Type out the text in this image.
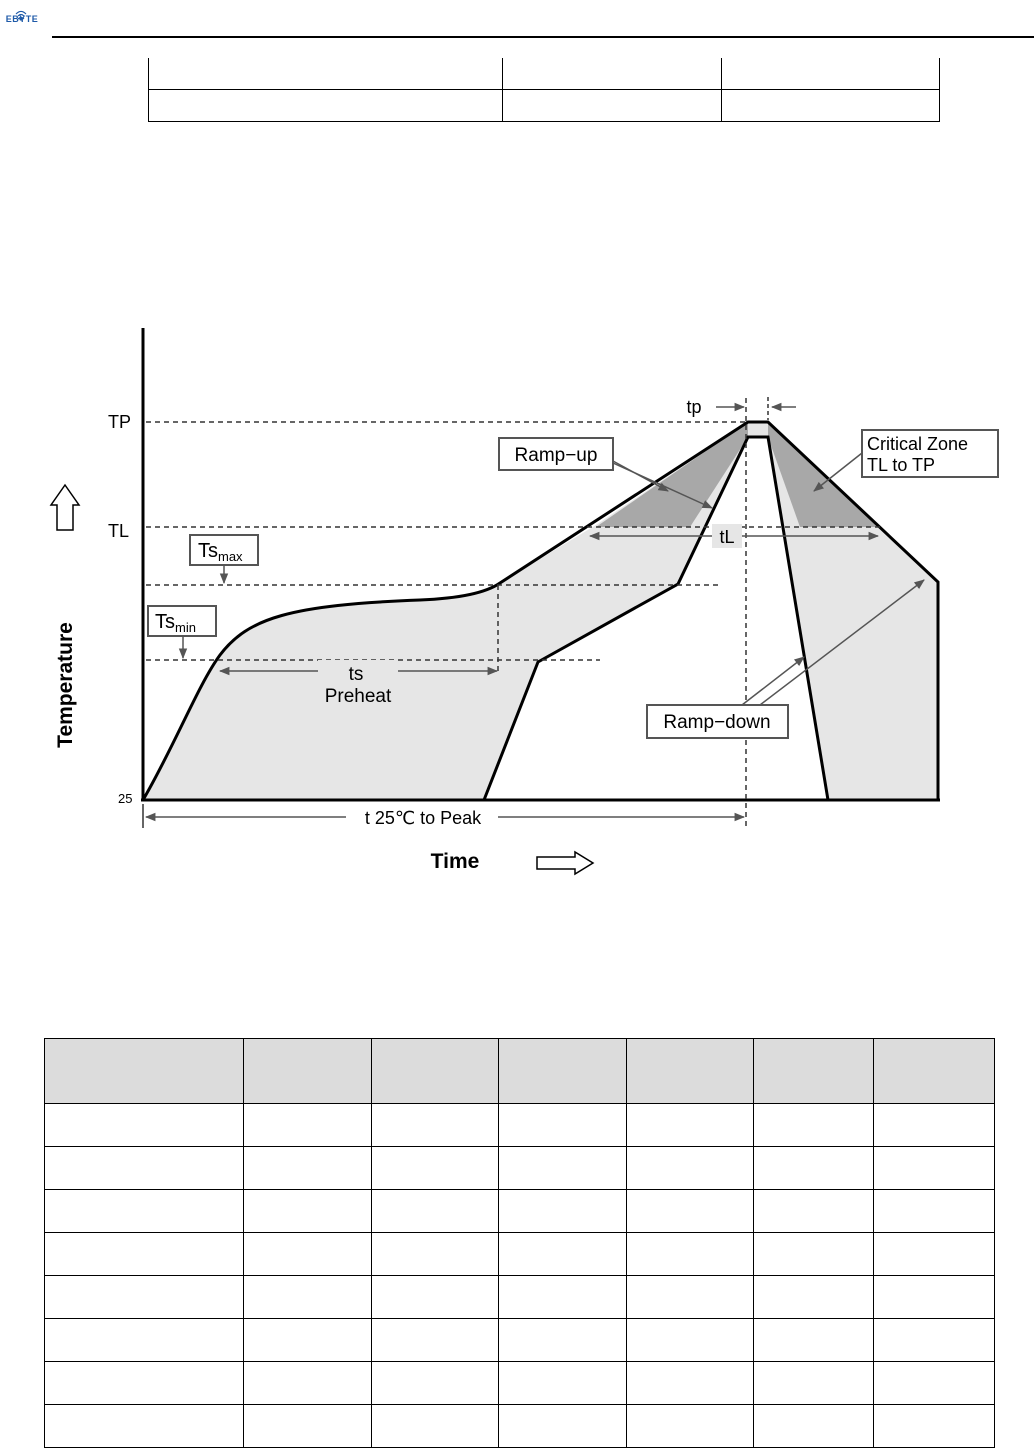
EBYTE

TP
TL
25
Temperature
Time
$Ts_{max}$
$Ts_{min}$
ts
Preheat
tp
Ramp−up
Critical Zone
TL to TP
tL
Ramp−down
t 25℃ to Peak
